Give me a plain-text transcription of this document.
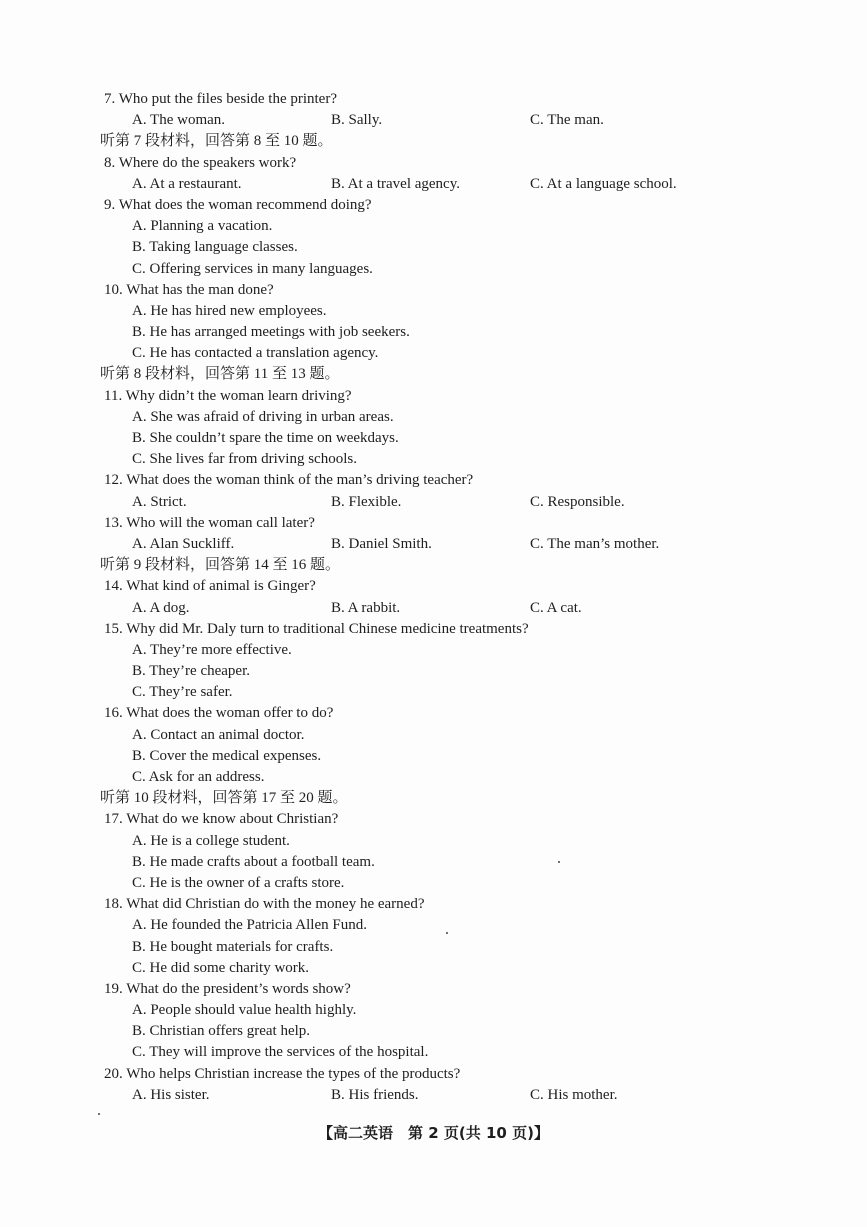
7. Who put the files beside the printer?
A. The woman.	B. Sally.	C. The man.
听第 7 段材料，回答第 8 至 10 题。
8. Where do the speakers work?
A. At a restaurant.	B. At a travel agency.	C. At a language school.
9. What does the woman recommend doing?
A. Planning a vacation.
B. Taking language classes.
C. Offering services in many languages.
10. What has the man done?
A. He has hired new employees.
B. He has arranged meetings with job seekers.
C. He has contacted a translation agency.
听第 8 段材料，回答第 11 至 13 题。
11. Why didn’t the woman learn driving?
A. She was afraid of driving in urban areas.
B. She couldn’t spare the time on weekdays.
C. She lives far from driving schools.
12. What does the woman think of the man’s driving teacher?
A. Strict.	B. Flexible.	C. Responsible.
13. Who will the woman call later?
A. Alan Suckliff.	B. Daniel Smith.	C. The man’s mother.
听第 9 段材料，回答第 14 至 16 题。
14. What kind of animal is Ginger?
A. A dog.	B. A rabbit.	C. A cat.
15. Why did Mr. Daly turn to traditional Chinese medicine treatments?
A. They’re more effective.
B. They’re cheaper.
C. They’re safer.
16. What does the woman offer to do?
A. Contact an animal doctor.
B. Cover the medical expenses.
C. Ask for an address.
听第 10 段材料，回答第 17 至 20 题。
17. What do we know about Christian?
A. He is a college student.
B. He made crafts about a football team.
C. He is the owner of a crafts store.
18. What did Christian do with the money he earned?
A. He founded the Patricia Allen Fund.
B. He bought materials for crafts.
C. He did some charity work.
19. What do the president’s words show?
A. People should value health highly.
B. Christian offers great help.
C. They will improve the services of the hospital.
20. Who helps Christian increase the types of the products?
A. His sister.	B. His friends.	C. His mother.
【高二英语　第 2 页(共 10 页)】
